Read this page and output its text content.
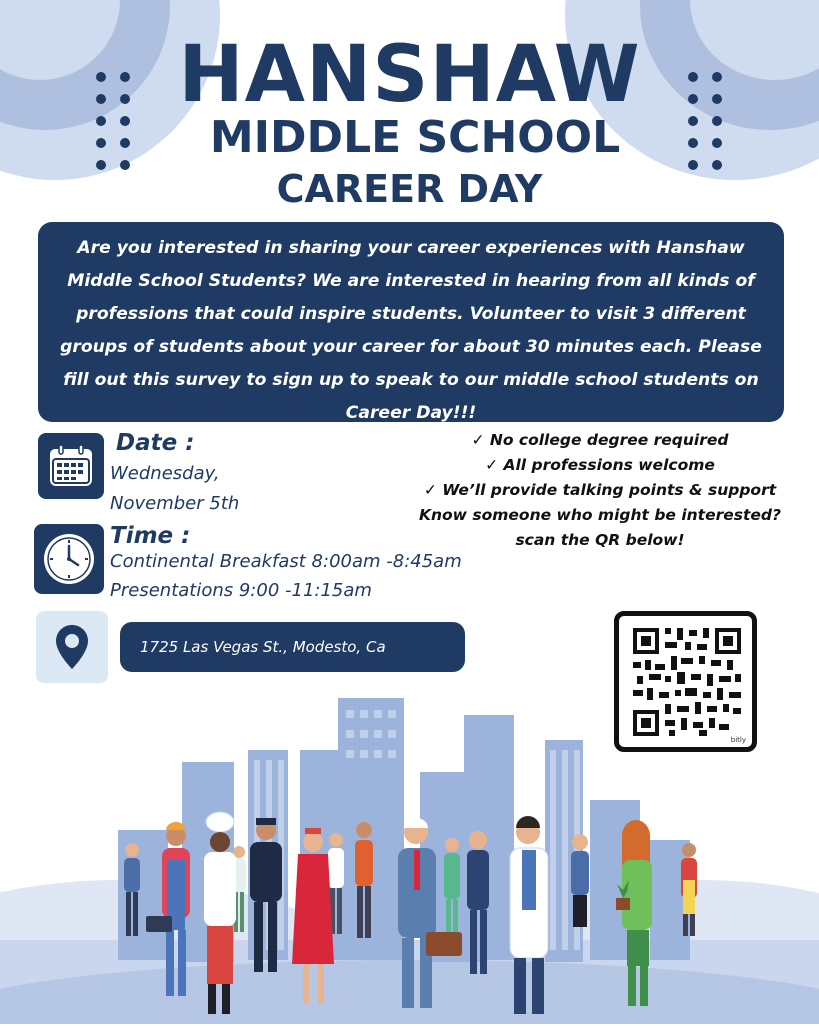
HANSHAW
MIDDLE SCHOOL
CAREER DAY
Are you interested in sharing your career experiences with Hanshaw Middle School Students? We are interested in hearing from all kinds of professions that could inspire students. Volunteer to visit 3 different groups of students about your career for about 30 minutes each. Please fill out this survey to sign up to speak to our middle school students on Career Day!!!
Date :
Wednesday,
November 5th
Time :
Continental Breakfast 8:00am -8:45am
Presentations 9:00 -11:15am
1725 Las Vegas St., Modesto, Ca
✓ No college degree required
✓ All professions welcome
✓ We’ll provide talking points & support
Know someone who might be interested?
scan the QR below!
bitly
